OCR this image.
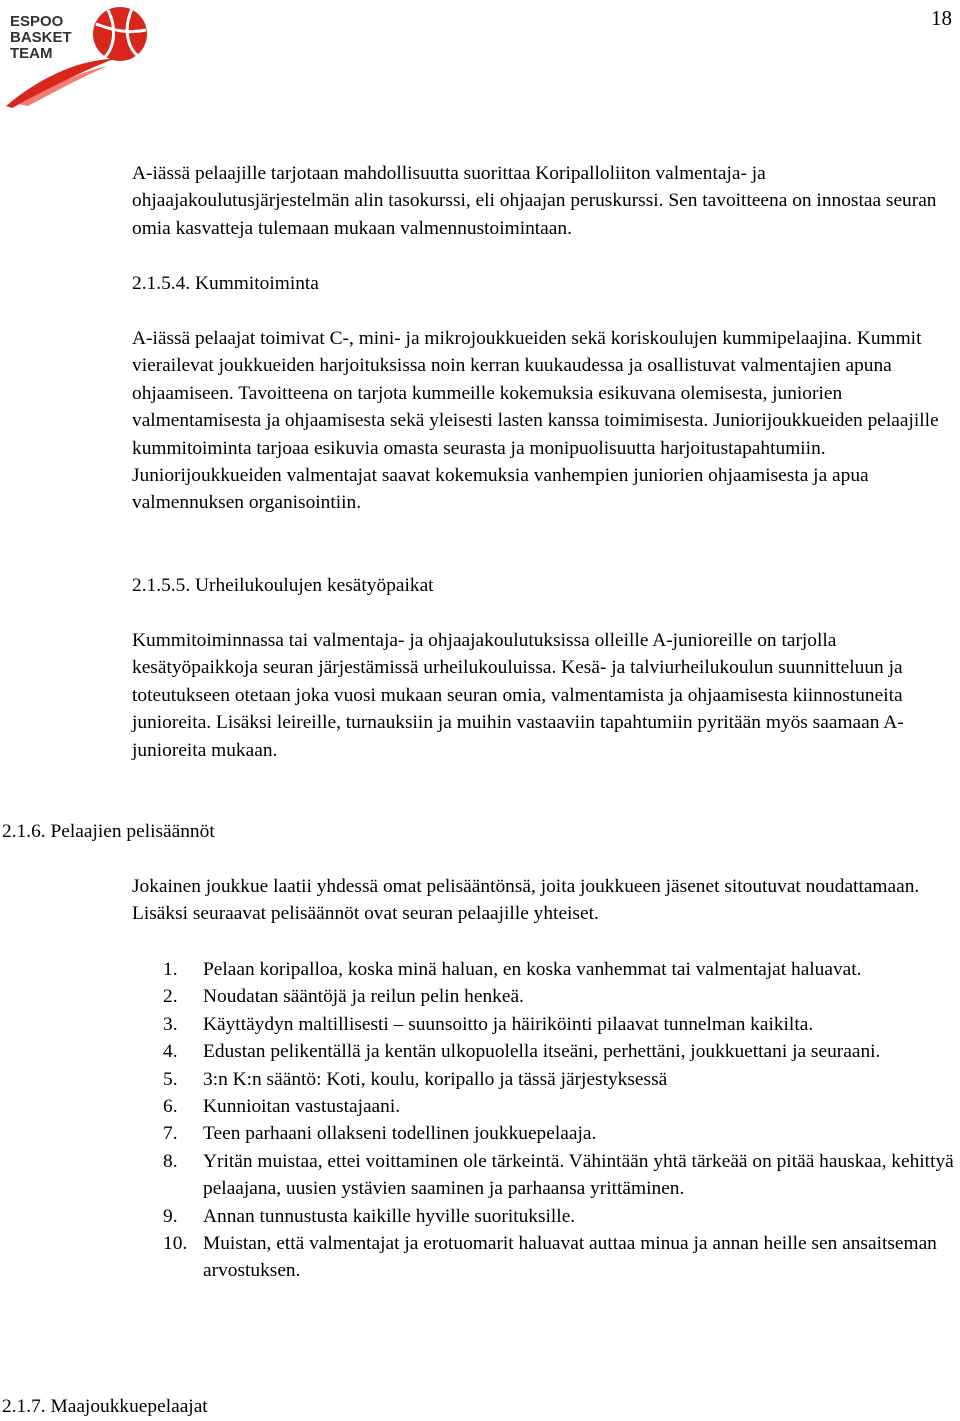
ESPOO
BASKET
TEAM
18

A-iässä pelaajille tarjotaan mahdollisuutta suorittaa Koripalloliiton valmentaja- ja ohjaajakoulutusjärjestelmän alin tasokurssi, eli ohjaajan peruskurssi. Sen tavoitteena on innostaa seuran omia kasvatteja tulemaan mukaan valmennustoimintaan.

2.1.5.4. Kummitoiminta

A-iässä pelaajat toimivat C-, mini- ja mikrojoukkueiden sekä koriskoulujen kummipelaajina. Kummit vierailevat joukkueiden harjoituksissa noin kerran kuukaudessa ja osallistuvat valmentajien apuna ohjaamiseen. Tavoitteena on tarjota kummeille kokemuksia esikuvana olemisesta, juniorien valmentamisesta ja ohjaamisesta sekä yleisesti lasten kanssa toimimisesta. Juniorijoukkueiden pelaajille kummitoiminta tarjoaa esikuvia omasta seurasta ja monipuolisuutta harjoitustapahtumiin. Juniorijoukkueiden valmentajat saavat kokemuksia vanhempien juniorien ohjaamisesta ja apua valmennuksen organisointiin.

2.1.5.5. Urheilukoulujen kesätyöpaikat

Kummitoiminnassa tai valmentaja- ja ohjaajakoulutuksissa olleille A-junioreille on tarjolla kesätyöpaikkoja seuran järjestämissä urheilukouluissa. Kesä- ja talviurheilukoulun suunnitteluun ja toteutukseen otetaan joka vuosi mukaan seuran omia, valmentamista ja ohjaamisesta kiinnostuneita junioreita. Lisäksi leireille, turnauksiin ja muihin vastaaviin tapahtumiin pyritään myös saamaan A-junioreita mukaan.

2.1.6. Pelaajien pelisäännöt

Jokainen joukkue laatii yhdessä omat pelisääntönsä, joita joukkueen jäsenet sitoutuvat noudattamaan. Lisäksi seuraavat pelisäännöt ovat seuran pelaajille yhteiset.

1.	Pelaan koripalloa, koska minä haluan, en koska vanhemmat tai valmentajat haluavat.
2.	Noudatan sääntöjä ja reilun pelin henkeä.
3.	Käyttäydyn maltillisesti – suunsoitto ja häiriköinti pilaavat tunnelman kaikilta.
4.	Edustan pelikentällä ja kentän ulkopuolella itseäni, perhettäni, joukkuettani ja seuraani.
5.	3:n K:n sääntö: Koti, koulu, koripallo ja tässä järjestyksessä
6.	Kunnioitan vastustajaani.
7.	Teen parhaani ollakseni todellinen joukkuepelaaja.
8.	Yritän muistaa, ettei voittaminen ole tärkeintä. Vähintään yhtä tärkeää on pitää hauskaa, kehittyä pelaajana, uusien ystävien saaminen ja parhaansa yrittäminen.
9.	Annan tunnustusta kaikille hyville suorituksille.
10. Muistan, että valmentajat ja erotuomarit haluavat auttaa minua ja annan heille sen ansaitseman arvostuksen.
2.1.7. Maajoukkuepelaajat
